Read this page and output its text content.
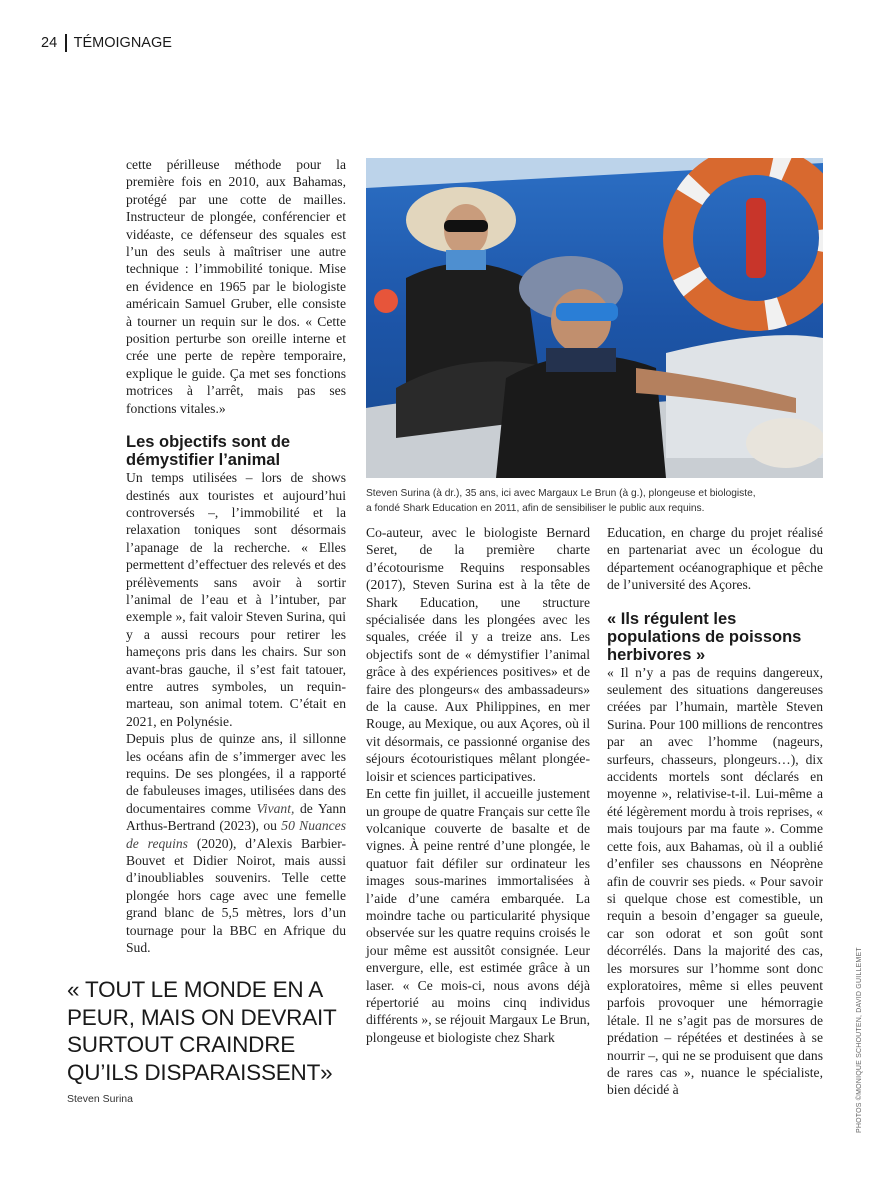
24 TÉMOIGNAGE

cette périlleuse méthode pour la première fois en 2010, aux Bahamas, protégé par une cotte de mailles. Instructeur de plongée, conférencier et vidéaste, ce défenseur des squales est l’un des seuls à maîtriser une autre technique : l’immobilité tonique. Mise en évidence en 1965 par le biologiste américain Samuel Gruber, elle consiste à tourner un requin sur le dos. « Cette position perturbe son oreille interne et crée une perte de repère temporaire, explique le guide. Ça met ses fonctions motrices à l’arrêt, mais pas ses fonctions vitales.»

Les objectifs sont de démystifier l’animal

Un temps utilisées – lors de shows destinés aux touristes et aujourd’hui controversés –, l’immobilité et la relaxation toniques sont désormais l’apanage de la recherche. « Elles permettent d’effectuer des relevés et des prélèvements sans avoir à sortir l’animal de l’eau et à l’intuber, par exemple », fait valoir Steven Surina, qui y a aussi recours pour retirer les hameçons pris dans les chairs. Sur son avant-bras gauche, il s’est fait tatouer, entre autres symboles, un requin-marteau, son animal totem. C’était en 2021, en Polynésie.

Depuis plus de quinze ans, il sillonne les océans afin de s’immerger avec les requins. De ses plongées, il a rapporté de fabuleuses images, utilisées dans des documentaires comme Vivant, de Yann Arthus-Bertrand (2023), ou 50 Nuances de requins (2020), d’Alexis Barbier-Bouvet et Didier Noirot, mais aussi d’inoubliables souvenirs. Telle cette plongée hors cage avec une femelle grand blanc de 5,5 mètres, lors d’un tournage pour la BBC en Afrique du Sud.

Steven Surina (à dr.), 35 ans, ici avec Margaux Le Brun (à g.), plongeuse et biologiste,
a fondé Shark Education en 2011, afin de sensibiliser le public aux requins.

Co-auteur, avec le biologiste Bernard Seret, de la première charte d’écotourisme Requins responsables (2017), Steven Surina est à la tête de Shark Education, une structure spécialisée dans les plongées avec les squales, créée il y a treize ans. Les objectifs sont de « démystifier l’animal grâce à des expériences positives» et de faire des plongeurs« des ambassadeurs» de la cause. Aux Philippines, en mer Rouge, au Mexique, ou aux Açores, où il vit désormais, ce passionné organise des séjours écotouristiques mêlant plongée-loisir et sciences participatives.

En cette fin juillet, il accueille justement un groupe de quatre Français sur cette île volcanique couverte de basalte et de vignes. À peine rentré d’une plongée, le quatuor fait défiler sur ordinateur les images sous-marines immortalisées à l’aide d’une caméra embarquée. La moindre tache ou particularité physique observée sur les quatre requins croisés le jour même est aussitôt consignée. Leur envergure, elle, est estimée grâce à un laser. « Ce mois-ci, nous avons déjà répertorié au moins cinq individus différents », se réjouit Margaux Le Brun, plongeuse et biologiste chez Shark

Education, en charge du projet réalisé en partenariat avec un écologue du département océanographique et pêche de l’université des Açores.

« Ils régulent les populations de poissons herbivores »

« Il n’y a pas de requins dangereux, seulement des situations dangereuses créées par l’humain, martèle Steven Surina. Pour 100 millions de rencontres par an avec l’homme (nageurs, surfeurs, chasseurs, plongeurs…), dix accidents mortels sont déclarés en moyenne », relativise-t-il. Lui-même a été légèrement mordu à trois reprises, « mais toujours par ma faute ». Comme cette fois, aux Bahamas, où il a oublié d’enfiler ses chaussons en Néoprène afin de couvrir ses pieds. « Pour savoir si quelque chose est comestible, un requin a besoin d’engager sa gueule, car son odorat et son goût sont décorrélés. Dans la majorité des cas, les morsures sur l’homme sont donc exploratoires, même si elles peuvent parfois provoquer une hémorragie létale. Il ne s’agit pas de morsures de prédation – répétées et destinées à se nourrir –, qui ne se produisent que dans de rares cas », nuance le spécialiste, bien décidé à

« TOUT LE MONDE EN A PEUR, MAIS ON DEVRAIT SURTOUT CRAINDRE QU’ILS DISPARAISSENT»
Steven Surina	PHOTOS ©MONIQUE SCHOUTEN, DAVID GUILLEMET
